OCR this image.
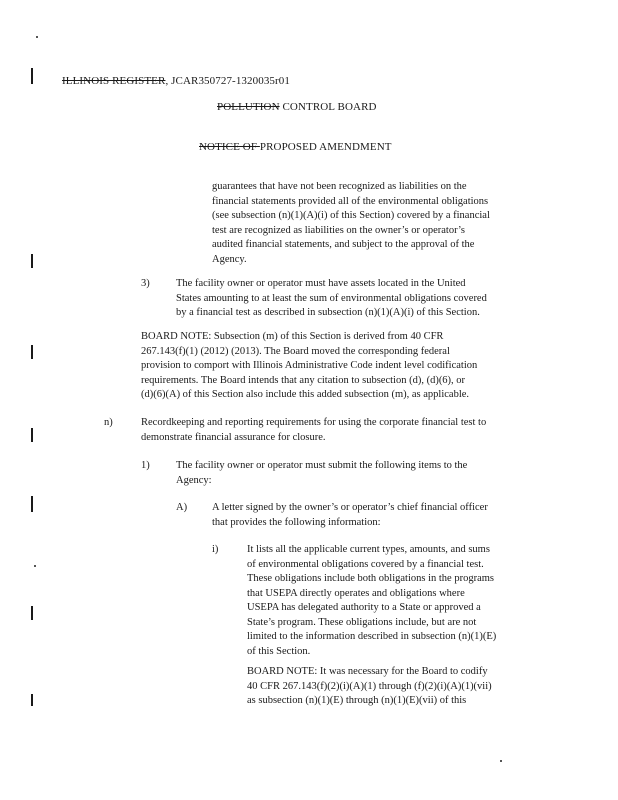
ILLINOIS REGISTER, JCAR350727-1320035r01
POLLUTION CONTROL BOARD
NOTICE OF PROPOSED AMENDMENT
guarantees that have not been recognized as liabilities on the
financial statements provided all of the environmental obligations
(see subsection (n)(1)(A)(i) of this Section) covered by a financial
test are recognized as liabilities on the owner’s or operator’s
audited financial statements, and subject to the approval of the
Agency.
3)	The facility owner or operator must have assets located in the United
States amounting to at least the sum of environmental obligations covered
by a financial test as described in subsection (n)(1)(A)(i) of this Section.
BOARD NOTE: Subsection (m) of this Section is derived from 40 CFR
267.143(f)(1) (2012) (2013). The Board moved the corresponding federal
provision to comport with Illinois Administrative Code indent level codification
requirements. The Board intends that any citation to subsection (d), (d)(6), or
(d)(6)(A) of this Section also include this added subsection (m), as applicable.
n)	Recordkeeping and reporting requirements for using the corporate financial test to
demonstrate financial assurance for closure.
1)	The facility owner or operator must submit the following items to the
Agency:
A) A letter signed by the owner’s or operator’s chief financial officer
that provides the following information:
i)	It lists all the applicable current types, amounts, and sums
of environmental obligations covered by a financial test.
These obligations include both obligations in the programs
that USEPA directly operates and obligations where
USEPA has delegated authority to a State or approved a
State’s program. These obligations include, but are not
limited to the information described in subsection (n)(1)(E)
of this Section.
BOARD NOTE: It was necessary for the Board to codify
40 CFR 267.143(f)(2)(i)(A)(1) through (f)(2)(i)(A)(1)(vii)
as subsection (n)(1)(E) through (n)(1)(E)(vii) of this
